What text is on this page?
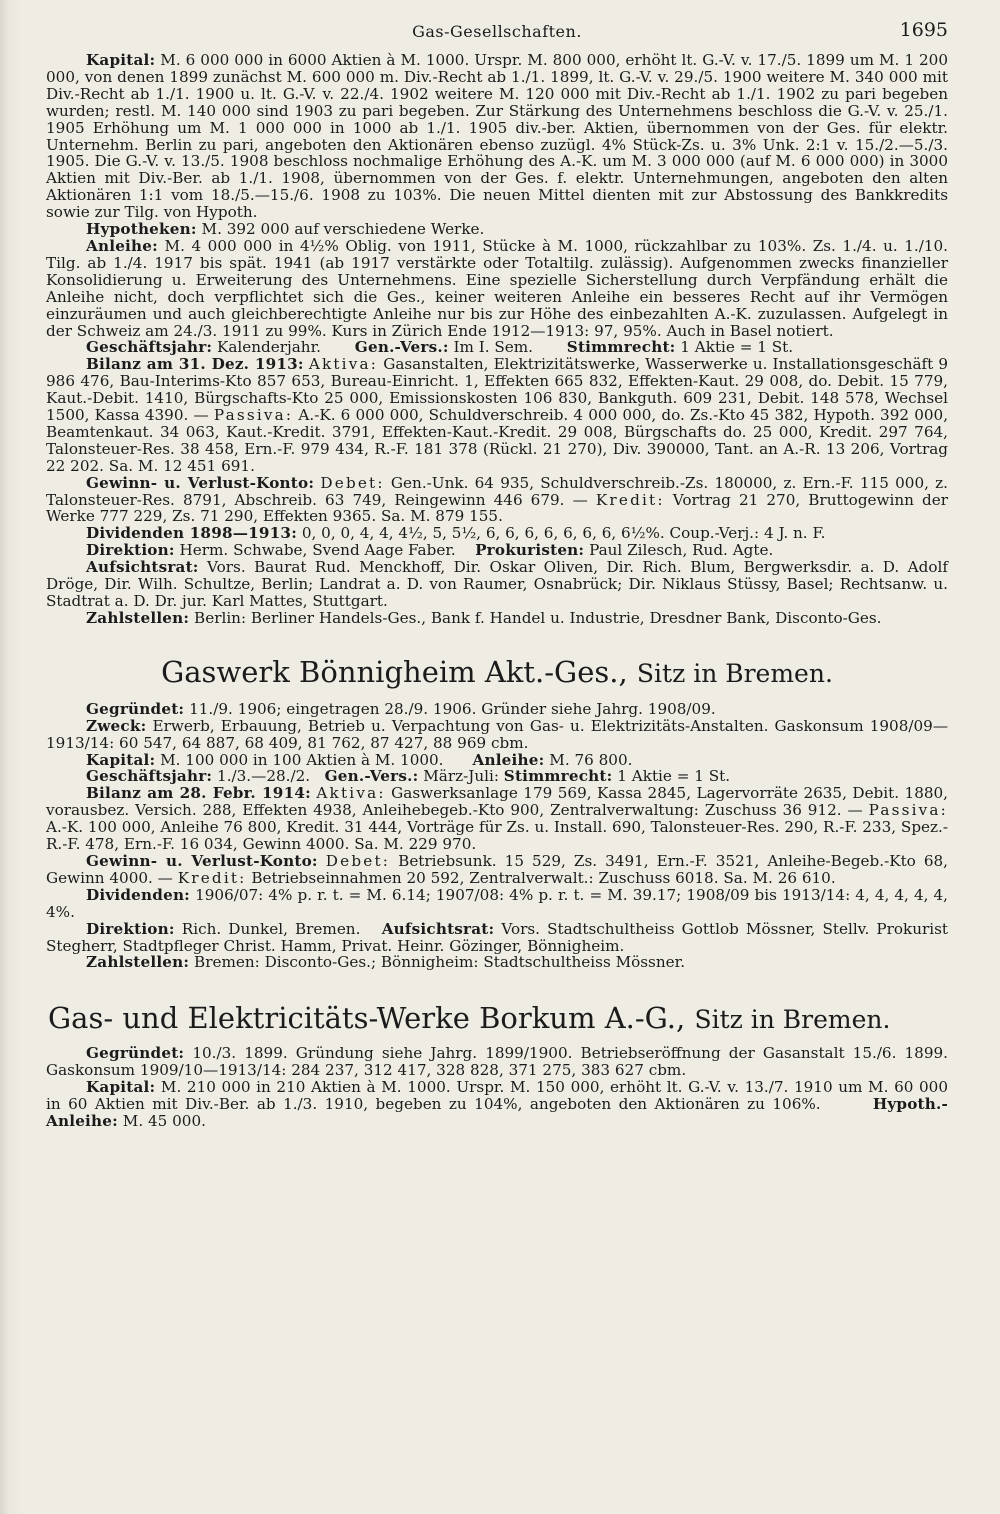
Gas-Gesellschaften.	1695

Kapital: M. 6 000 000 in 6000 Aktien à M. 1000. Urspr. M. 800 000, erhöht lt. G.-V. v. 17./5. 1899 um M. 1 200 000, von denen 1899 zunächst M. 600 000 m. Div.-Recht ab 1./1. 1899, lt. G.-V. v. 29./5. 1900 weitere M. 340 000 mit Div.-Recht ab 1./1. 1900 u. lt. G.-V. v. 22./4. 1902 weitere M. 120 000 mit Div.-Recht ab 1./1. 1902 zu pari begeben wurden; restl. M. 140 000 sind 1903 zu pari begeben. Zur Stärkung des Unternehmens beschloss die G.-V. v. 25./1. 1905 Erhöhung um M. 1 000 000 in 1000 ab 1./1. 1905 div.-ber. Aktien, übernommen von der Ges. für elektr. Unternehm. Berlin zu pari, angeboten den Aktionären ebenso zuzügl. 4% Stück-Zs. u. 3% Unk. 2:1 v. 15./2.—5./3. 1905. Die G.-V. v. 13./5. 1908 beschloss nochmalige Erhöhung des A.-K. um M. 3 000 000 (auf M. 6 000 000) in 3000 Aktien mit Div.-Ber. ab 1./1. 1908, übernommen von der Ges. f. elektr. Unternehmungen, angeboten den alten Aktionären 1:1 vom 18./5.—15./6. 1908 zu 103%. Die neuen Mittel dienten mit zur Abstossung des Bankkredits sowie zur Tilg. von Hypoth.

Hypotheken: M. 392 000 auf verschiedene Werke.

Anleihe: M. 4 000 000 in 4½% Oblig. von 1911, Stücke à M. 1000, rückzahlbar zu 103%. Zs. 1./4. u. 1./10. Tilg. ab 1./4. 1917 bis spät. 1941 (ab 1917 verstärkte oder Totaltilg. zulässig). Aufgenommen zwecks finanzieller Konsolidierung u. Erweiterung des Unternehmens. Eine spezielle Sicherstellung durch Verpfändung erhält die Anleihe nicht, doch verpflichtet sich die Ges., keiner weiteren Anleihe ein besseres Recht auf ihr Vermögen einzuräumen und auch gleichberechtigte Anleihe nur bis zur Höhe des einbezahlten A.-K. zuzulassen. Aufgelegt in der Schweiz am 24./3. 1911 zu 99%. Kurs in Zürich Ende 1912—1913: 97, 95%. Auch in Basel notiert.

Geschäftsjahr: Kalenderjahr. Gen.-Vers.: Im I. Sem. Stimmrecht: 1 Aktie = 1 St.

Bilanz am 31. Dez. 1913: Aktiva: Gasanstalten, Elektrizitätswerke, Wasserwerke u. Installationsgeschäft 9 986 476, Bau-Interims-Kto 857 653, Bureau-Einricht. 1, Effekten 665 832, Effekten-Kaut. 29 008, do. Debit. 15 779, Kaut.-Debit. 1410, Bürgschafts-Kto 25 000, Emissionskosten 106 830, Bankguth. 609 231, Debit. 148 578, Wechsel 1500, Kassa 4390. — Passiva: A.-K. 6 000 000, Schuldverschreib. 4 000 000, do. Zs.-Kto 45 382, Hypoth. 392 000, Beamtenkaut. 34 063, Kaut.-Kredit. 3791, Effekten-Kaut.-Kredit. 29 008, Bürgschafts do. 25 000, Kredit. 297 764, Talonsteuer-Res. 38 458, Ern.-F. 979 434, R.-F. 181 378 (Rückl. 21 270), Div. 390000, Tant. an A.-R. 13 206, Vortrag 22 202. Sa. M. 12 451 691.

Gewinn- u. Verlust-Konto: Debet: Gen.-Unk. 64 935, Schuldverschreib.-Zs. 180000, z. Ern.-F. 115 000, z. Talonsteuer-Res. 8791, Abschreib. 63 749, Reingewinn 446 679. — Kredit: Vortrag 21 270, Bruttogewinn der Werke 777 229, Zs. 71 290, Effekten 9365. Sa. M. 879 155.

Dividenden 1898—1913: 0, 0, 0, 4, 4, 4½, 5, 5½, 6, 6, 6, 6, 6, 6, 6, 6½%. Coup.-Verj.: 4 J. n. F.

Direktion: Herm. Schwabe, Svend Aage Faber. Prokuristen: Paul Zilesch, Rud. Agte.

Aufsichtsrat: Vors. Baurat Rud. Menckhoff, Dir. Oskar Oliven, Dir. Rich. Blum, Bergwerksdir. a. D. Adolf Dröge, Dir. Wilh. Schultze, Berlin; Landrat a. D. von Raumer, Osnabrück; Dir. Niklaus Stüssy, Basel; Rechtsanw. u. Stadtrat a. D. Dr. jur. Karl Mattes, Stuttgart.

Zahlstellen: Berlin: Berliner Handels-Ges., Bank f. Handel u. Industrie, Dresdner Bank, Disconto-Ges.

Gaswerk Bönnigheim Akt.-Ges., Sitz in Bremen.

Gegründet: 11./9. 1906; eingetragen 28./9. 1906. Gründer siehe Jahrg. 1908/09.

Zweck: Erwerb, Erbauung, Betrieb u. Verpachtung von Gas- u. Elektrizitäts-Anstalten. Gaskonsum 1908/09—1913/14: 60 547, 64 887, 68 409, 81 762, 87 427, 88 969 cbm.

Kapital: M. 100 000 in 100 Aktien à M. 1000. Anleihe: M. 76 800.

Geschäftsjahr: 1./3.—28./2. Gen.-Vers.: März-Juli: Stimmrecht: 1 Aktie = 1 St.

Bilanz am 28. Febr. 1914: Aktiva: Gaswerksanlage 179 569, Kassa 2845, Lagervorräte 2635, Debit. 1880, vorausbez. Versich. 288, Effekten 4938, Anleihebegeb.-Kto 900, Zentralverwaltung: Zuschuss 36 912. — Passiva: A.-K. 100 000, Anleihe 76 800, Kredit. 31 444, Vorträge für Zs. u. Install. 690, Talonsteuer-Res. 290, R.-F. 233, Spez.-R.-F. 478, Ern.-F. 16 034, Gewinn 4000. Sa. M. 229 970.

Gewinn- u. Verlust-Konto: Debet: Betriebsunk. 15 529, Zs. 3491, Ern.-F. 3521, Anleihe-Begeb.-Kto 68, Gewinn 4000. — Kredit: Betriebseinnahmen 20 592, Zentralverwalt.: Zuschuss 6018. Sa. M. 26 610.

Dividenden: 1906/07: 4% p. r. t. = M. 6.14; 1907/08: 4% p. r. t. = M. 39.17; 1908/09 bis 1913/14: 4, 4, 4, 4, 4, 4%.

Direktion: Rich. Dunkel, Bremen. Aufsichtsrat: Vors. Stadtschultheiss Gottlob Mössner, Stellv. Prokurist Stegherr, Stadtpfleger Christ. Hamm, Privat. Heinr. Gözinger, Bönnigheim.

Zahlstellen: Bremen: Disconto-Ges.; Bönnigheim: Stadtschultheiss Mössner.

Gas- und Elektricitäts-Werke Borkum A.-G., Sitz in Bremen.

Gegründet: 10./3. 1899. Gründung siehe Jahrg. 1899/1900. Betriebseröffnung der Gasanstalt 15./6. 1899. Gaskonsum 1909/10—1913/14: 284 237, 312 417, 328 828, 371 275, 383 627 cbm.

Kapital: M. 210 000 in 210 Aktien à M. 1000. Urspr. M. 150 000, erhöht lt. G.-V. v. 13./7. 1910 um M. 60 000 in 60 Aktien mit Div.-Ber. ab 1./3. 1910, begeben zu 104%, angeboten den Aktionären zu 106%.	Hypoth.-Anleihe: M. 45 000.
